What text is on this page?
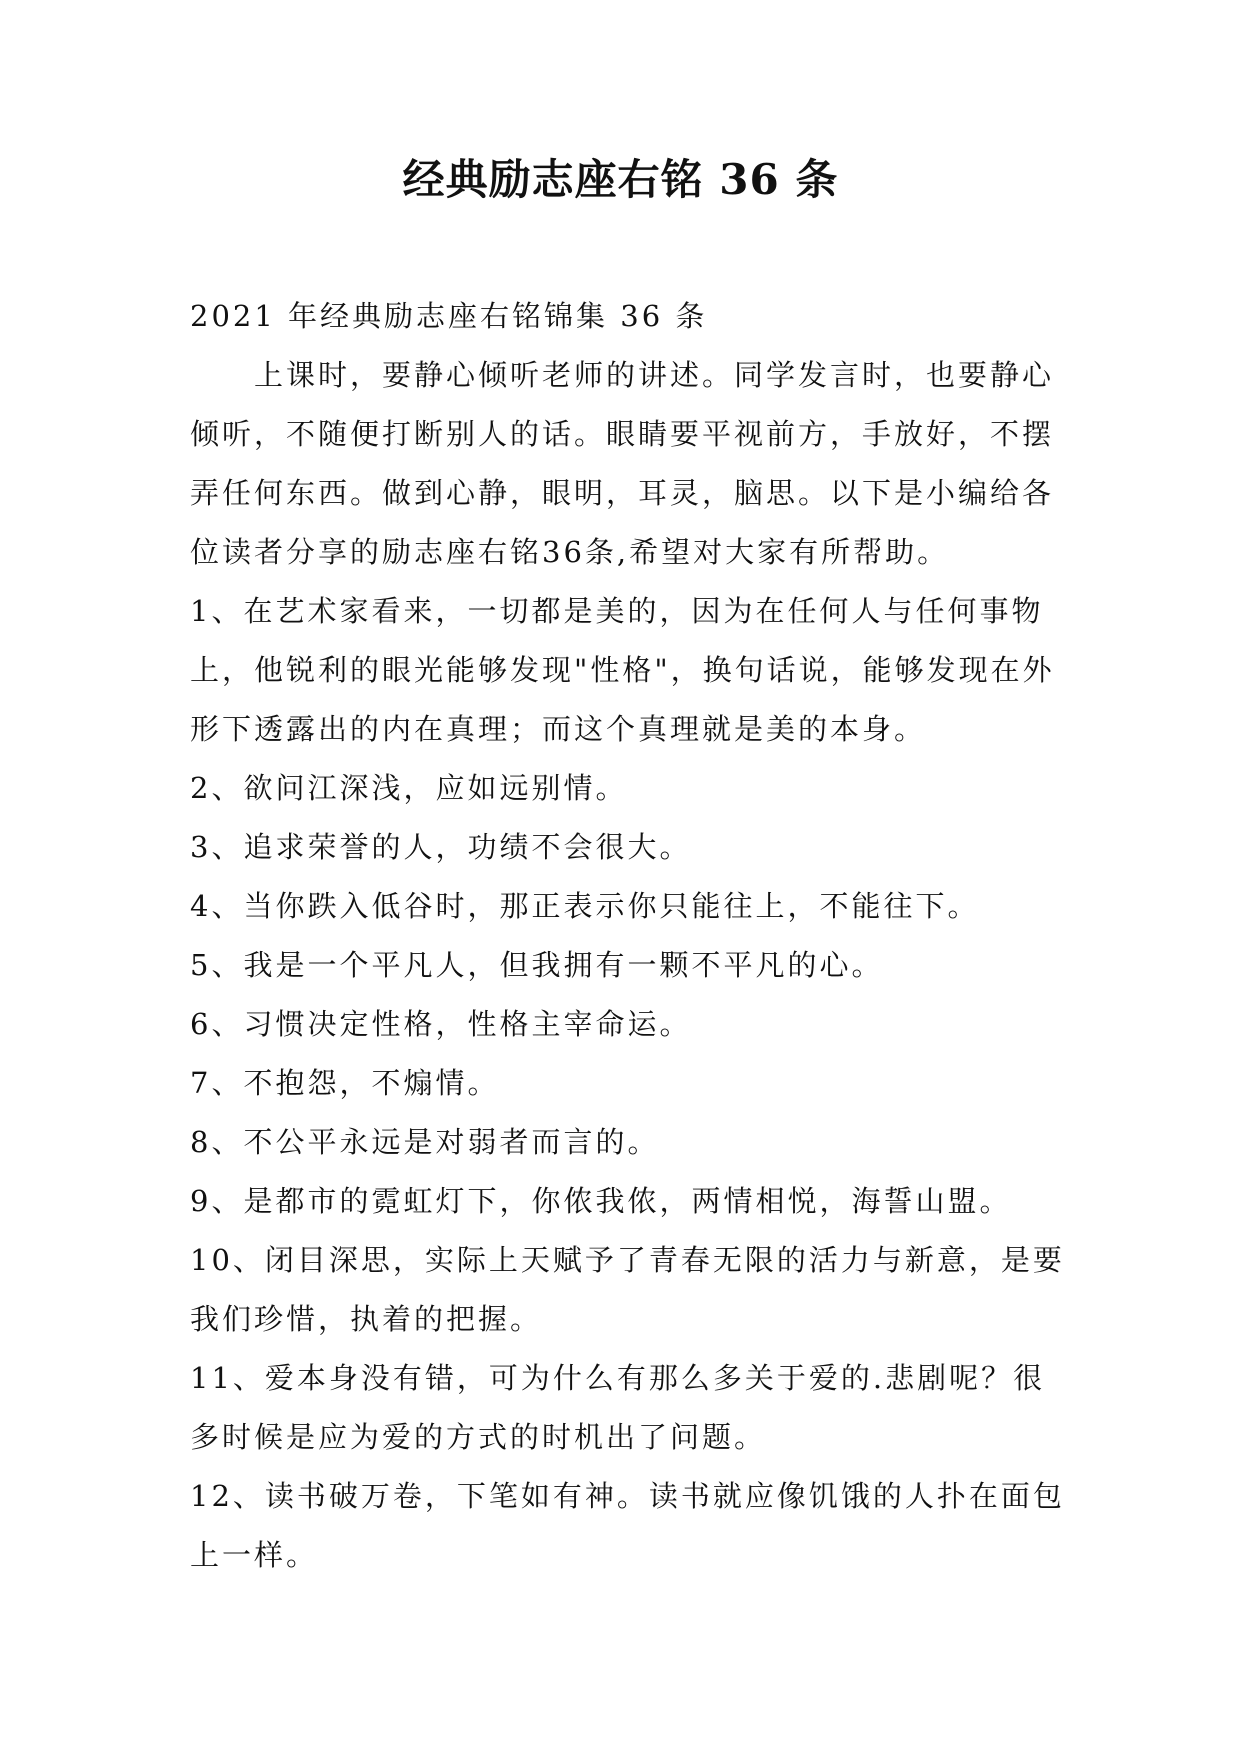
经典励志座右铭 36 条

2021 年经典励志座右铭锦集 36 条

上课时，要静心倾听老师的讲述。同学发言时，也要静心倾听，不随便打断别人的话。眼睛要平视前方，手放好，不摆弄任何东西。做到心静，眼明，耳灵，脑思。以下是小编给各位读者分享的励志座右铭36条,希望对大家有所帮助。

1、在艺术家看来，一切都是美的，因为在任何人与任何事物上，他锐利的眼光能够发现"性格"，换句话说，能够发现在外形下透露出的内在真理；而这个真理就是美的本身。

2、欲问江深浅，应如远别情。

3、追求荣誉的人，功绩不会很大。

4、当你跌入低谷时，那正表示你只能往上，不能往下。

5、我是一个平凡人，但我拥有一颗不平凡的心。

6、习惯决定性格，性格主宰命运。

7、不抱怨，不煽情。

8、不公平永远是对弱者而言的。

9、是都市的霓虹灯下，你侬我侬，两情相悦，海誓山盟。

10、闭目深思，实际上天赋予了青春无限的活力与新意，是要我们珍惜，执着的把握。

11、爱本身没有错，可为什么有那么多关于爱的.悲剧呢？很多时候是应为爱的方式的时机出了问题。

12、读书破万卷，下笔如有神。读书就应像饥饿的人扑在面包上一样。
